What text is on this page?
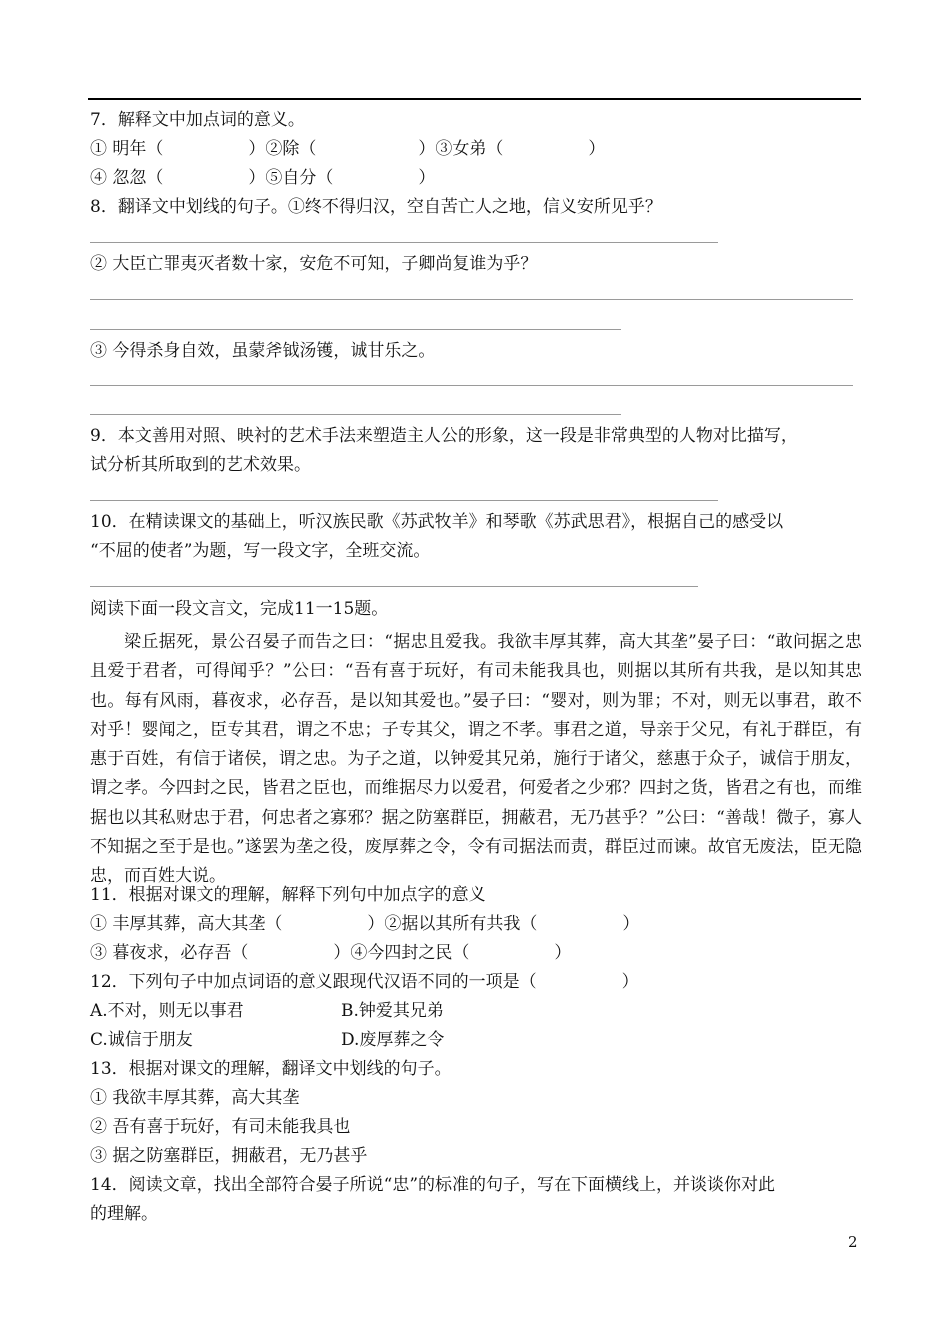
7．解释文中加点词的意义。
① 明年（　　　　　）②除（　　　　　　）③女弟（　　　　　）
④ 忽忽（　　　　　）⑤自分（　　　　　）
8．翻译文中划线的句子。①终不得归汉，空自苦亡人之地，信义安所见乎？
② 大臣亡罪夷灭者数十家，安危不可知，子卿尚复谁为乎？
③ 今得杀身自效，虽蒙斧钺汤镬，诚甘乐之。
9．本文善用对照、映衬的艺术手法来塑造主人公的形象，这一段是非常典型的人物对比描写，
试分析其所取到的艺术效果。
10．在精读课文的基础上，听汉族民歌《苏武牧羊》和琴歌《苏武思君》，根据自己的感受以
“不屈的使者”为题，写一段文字，全班交流。
阅读下面一段文言文，完成11一15题。

梁丘据死，景公召晏子而告之曰：“据忠且爱我。我欲丰厚其葬，高大其垄”晏子曰：“敢问据之忠且爱于君者，可得闻乎？”公曰：“吾有喜于玩好，有司未能我具也，则据以其所有共我，是以知其忠也。每有风雨，暮夜求，必存吾，是以知其爱也。”晏子曰：“婴对，则为罪；不对，则无以事君，敢不对乎！婴闻之，臣专其君，谓之不忠；子专其父，谓之不孝。事君之道，导亲于父兄，有礼于群臣，有惠于百姓，有信于诸侯，谓之忠。为子之道，以钟爱其兄弟，施行于诸父，慈惠于众子，诚信于朋友，谓之孝。今四封之民，皆君之臣也，而维据尽力以爱君，何爱者之少邪？四封之货，皆君之有也，而维据也以其私财忠于君，何忠者之寡邪？据之防塞群臣，拥蔽君，无乃甚乎？”公曰：“善哉！微子，寡人不知据之至于是也。”遂罢为垄之役，废厚葬之令，令有司据法而责，群臣过而谏。故官无废法，臣无隐忠，而百姓大说。

11．根据对课文的理解，解释下列句中加点字的意义
① 丰厚其葬，高大其垄（　　　　　）②据以其所有共我（　　　　　）
③ 暮夜求，必存吾（　　　　　）④今四封之民（　　　　　）
12．下列句子中加点词语的意义跟现代汉语不同的一项是（　　　　　）
A.不对，则无以事君	B.钟爱其兄弟
C.诚信于朋友	D.废厚葬之令
13．根据对课文的理解，翻译文中划线的句子。
① 我欲丰厚其葬，高大其垄
② 吾有喜于玩好，有司未能我具也
③ 据之防塞群臣，拥蔽君，无乃甚乎
14．阅读文章，找出全部符合晏子所说“忠”的标准的句子，写在下面横线上，并谈谈你对此
的理解。
2
